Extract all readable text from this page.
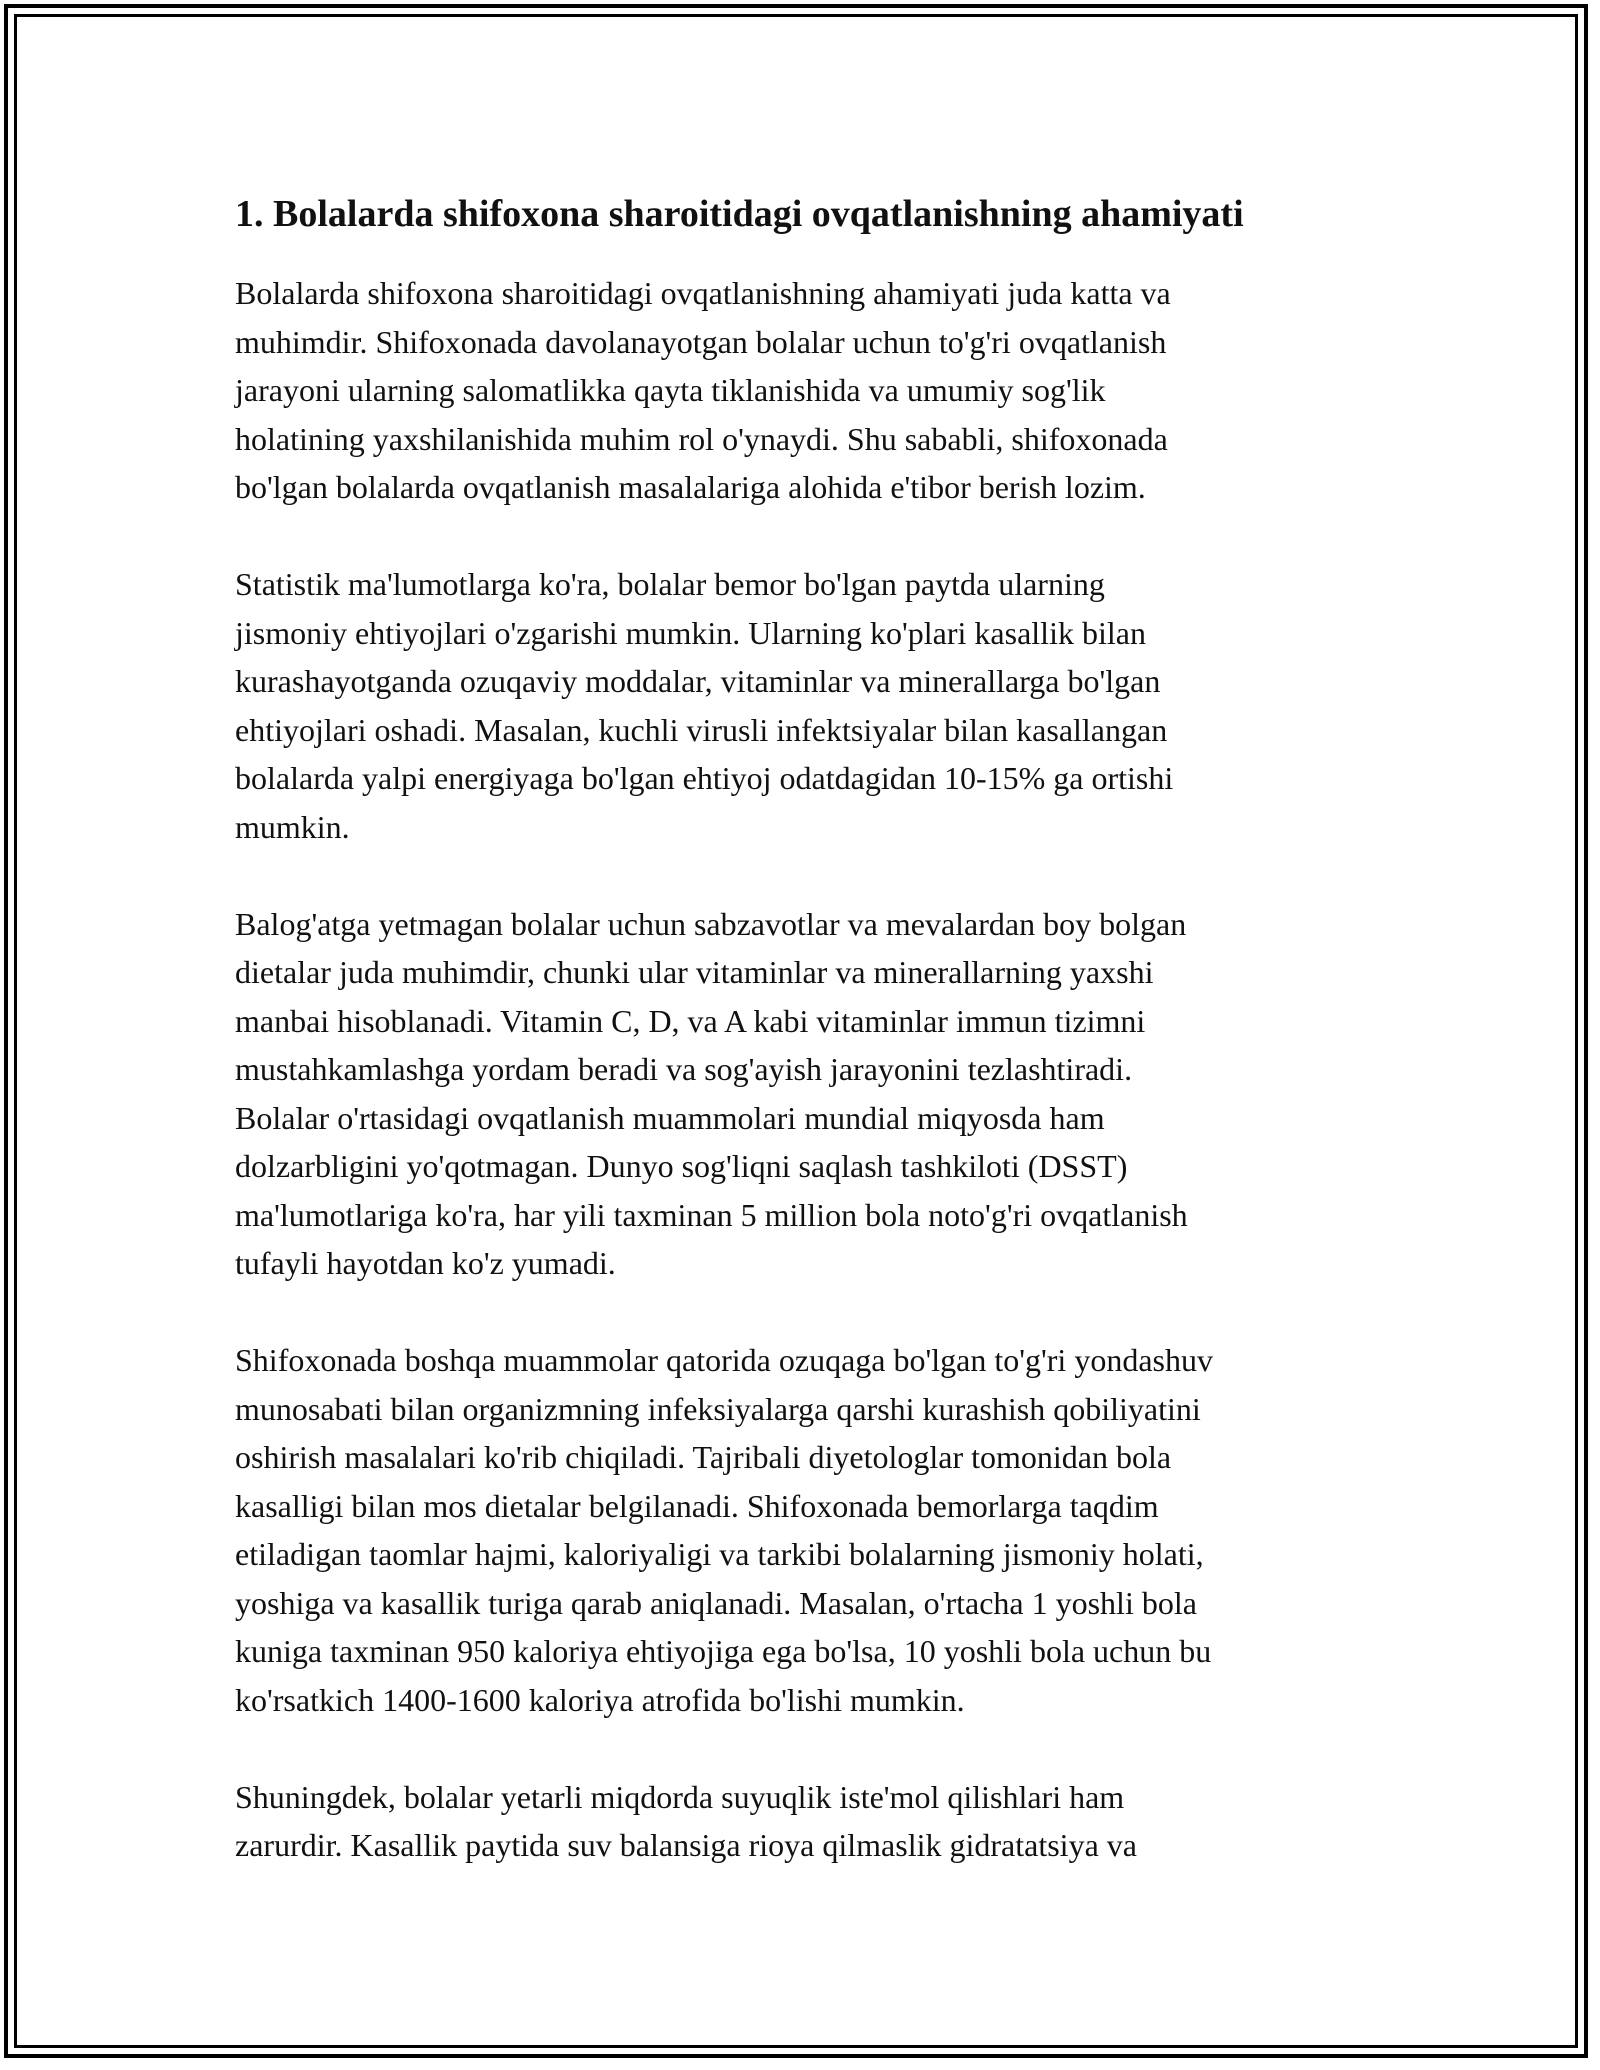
1. Bolalarda shifoxona sharoitidagi ovqatlanishning ahamiyati

Bolalarda shifoxona sharoitidagi ovqatlanishning ahamiyati juda katta va
muhimdir. Shifoxonada davolanayotgan bolalar uchun to'g'ri ovqatlanish
jarayoni ularning salomatlikka qayta tiklanishida va umumiy sog'lik
holatining yaxshilanishida muhim rol o'ynaydi. Shu sababli, shifoxonada
bo'lgan bolalarda ovqatlanish masalalariga alohida e'tibor berish lozim.

Statistik ma'lumotlarga ko'ra, bolalar bemor bo'lgan paytda ularning
jismoniy ehtiyojlari o'zgarishi mumkin. Ularning ko'plari kasallik bilan
kurashayotganda ozuqaviy moddalar, vitaminlar va minerallarga bo'lgan
ehtiyojlari oshadi. Masalan, kuchli virusli infektsiyalar bilan kasallangan
bolalarda yalpi energiyaga bo'lgan ehtiyoj odatdagidan 10-15% ga ortishi
mumkin.

Balog'atga yetmagan bolalar uchun sabzavotlar va mevalardan boy bolgan
dietalar juda muhimdir, chunki ular vitaminlar va minerallarning yaxshi
manbai hisoblanadi. Vitamin C, D, va A kabi vitaminlar immun tizimni
mustahkamlashga yordam beradi va sog'ayish jarayonini tezlashtiradi.
Bolalar o'rtasidagi ovqatlanish muammolari mundial miqyosda ham
dolzarbligini yo'qotmagan. Dunyo sog'liqni saqlash tashkiloti (DSST)
ma'lumotlariga ko'ra, har yili taxminan 5 million bola noto'g'ri ovqatlanish
tufayli hayotdan ko'z yumadi.

Shifoxonada boshqa muammolar qatorida ozuqaga bo'lgan to'g'ri yondashuv
munosabati bilan organizmning infeksiyalarga qarshi kurashish qobiliyatini
oshirish masalalari ko'rib chiqiladi. Tajribali diyetologlar tomonidan bola
kasalligi bilan mos dietalar belgilanadi. Shifoxonada bemorlarga taqdim
etiladigan taomlar hajmi, kaloriyaligi va tarkibi bolalarning jismoniy holati,
yoshiga va kasallik turiga qarab aniqlanadi. Masalan, o'rtacha 1 yoshli bola
kuniga taxminan 950 kaloriya ehtiyojiga ega bo'lsa, 10 yoshli bola uchun bu
ko'rsatkich 1400-1600 kaloriya atrofida bo'lishi mumkin.

Shuningdek, bolalar yetarli miqdorda suyuqlik iste'mol qilishlari ham
zarurdir. Kasallik paytida suv balansiga rioya qilmaslik gidratatsiya va
